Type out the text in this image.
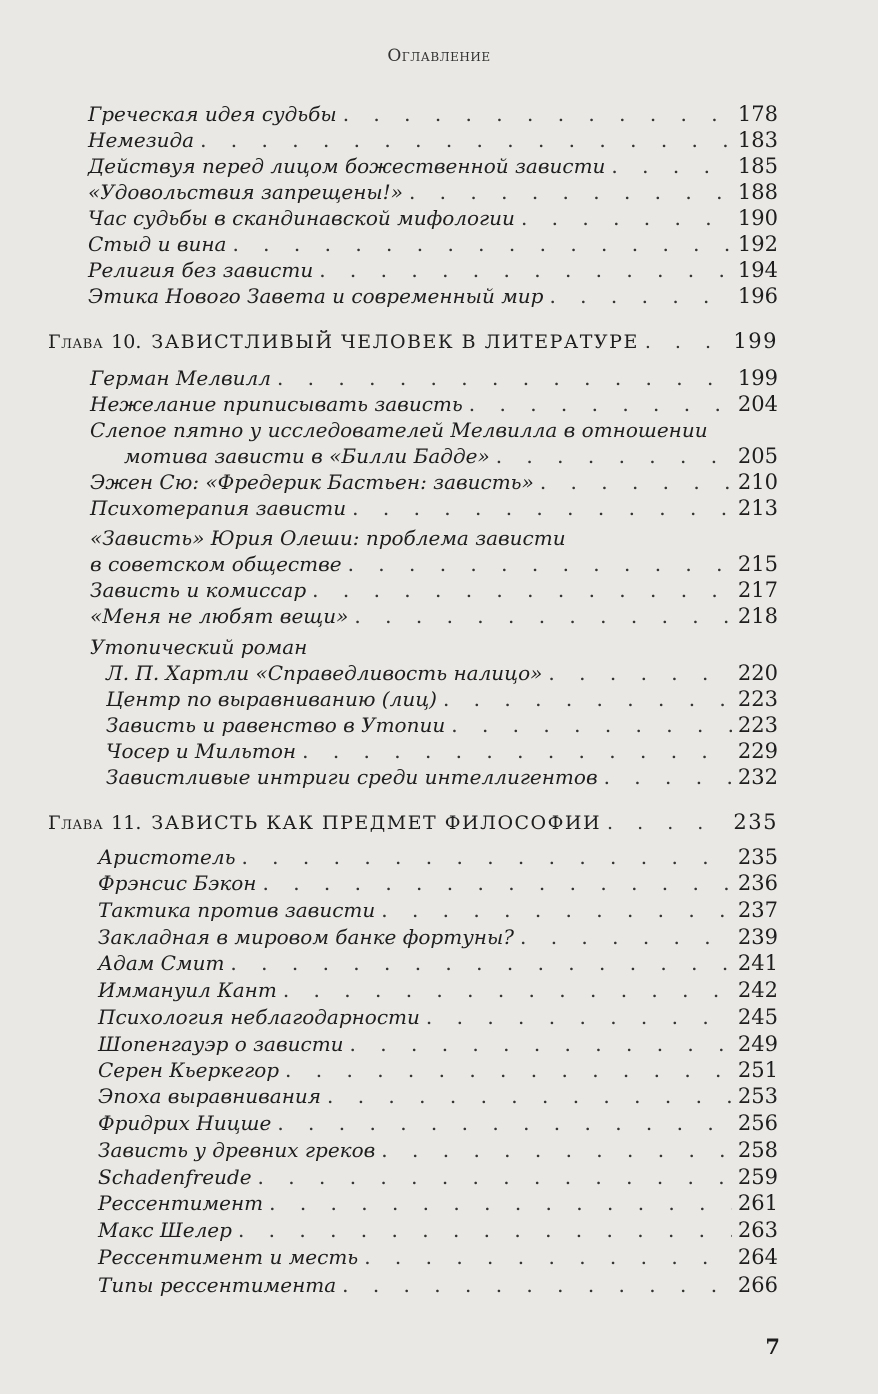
Оглавление
Греческая идея судьбы . . .	178
Немезида . . .	183
Действуя перед лицом божественной зависти . . .	185
«Удовольствия запрещены!» . . .	188
Час судьбы в скандинавской мифологии . . .	190
Стыд и вина . . .	192
Религия без зависти . . .	194
Этика Нового Завета и современный мир . . .	196
Глава 10. ЗАВИСТЛИВЫЙ ЧЕЛОВЕК В ЛИТЕРАТУРЕ . . .	199
Герман Мелвилл . . .	199
Нежелание приписывать зависть . . .	204
Слепое пятно у исследователей Мелвилла в отношении
мотива зависти в «Билли Бадде» . . .	205
Эжен Сю: «Фредерик Бастьен: зависть» . . .	210
Психотерапия зависти . . .	213
«Зависть» Юрия Олеши: проблема зависти
в советском обществе . . .	215
Зависть и комиссар . . .	217
«Меня не любят вещи» . . .	218
Утопический роман
Л. П. Хартли «Справедливость налицо» . . .	220
Центр по выравниванию (лиц) . . .	223
Зависть и равенство в Утопии . . .	223
Чосер и Мильтон . . .	229
Завистливые интриги среди интеллигентов . . .	232
Глава 11. ЗАВИСТЬ КАК ПРЕДМЕТ ФИЛОСОФИИ . . .	235
Аристотель . . .	235
Фрэнсис Бэкон . . .	236
Тактика против зависти . . .	237
Закладная в мировом банке фортуны? . . .	239
Адам Смит . . .	241
Иммануил Кант . . .	242
Психология неблагодарности . . .	245
Шопенгауэр о зависти . . .	249
Серен Кьеркегор . . .	251
Эпоха выравнивания . . .	253
Фридрих Ницше . . .	256
Зависть у древних греков . . .	258
Schadenfreude . . .	259
Рессентимент . . .	261
Макс Шелер . . .	263
Рессентимент и месть . . .	264
Типы рессентимента . . .	266
7
